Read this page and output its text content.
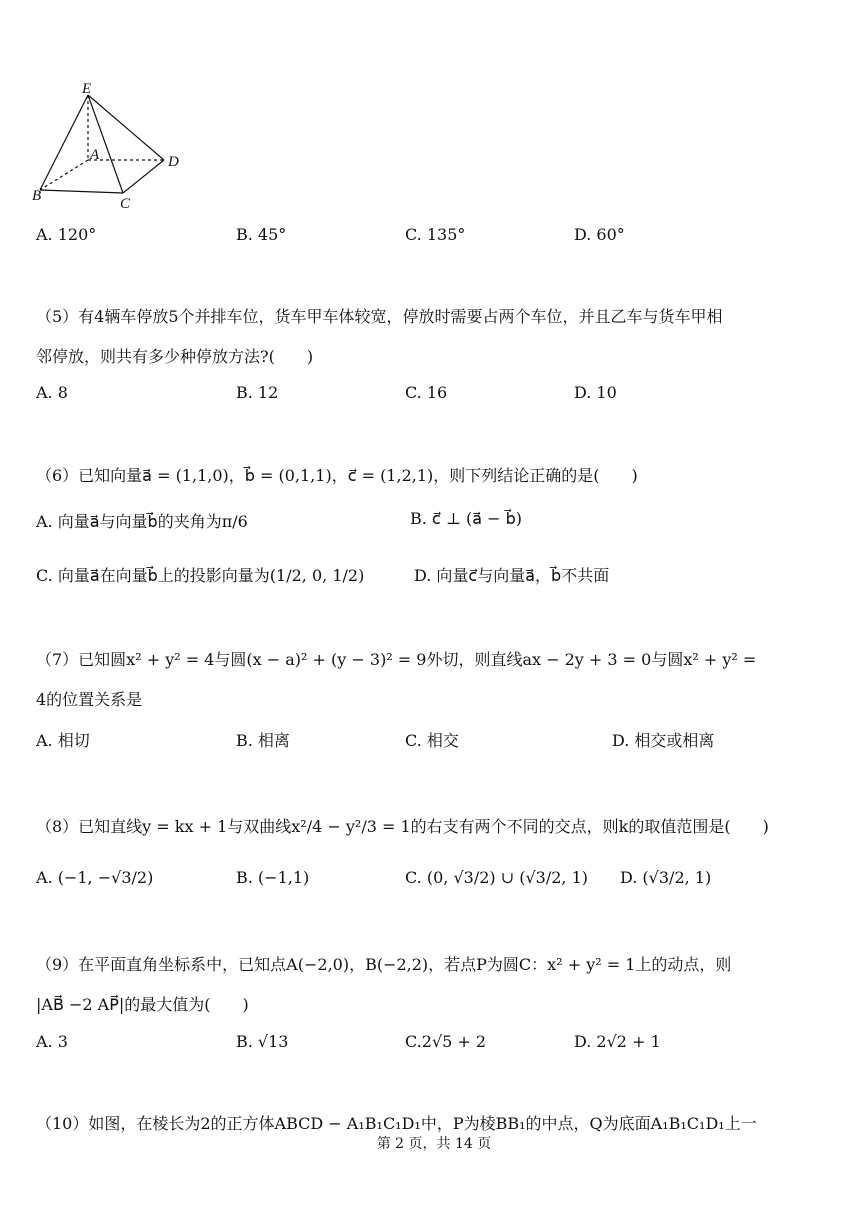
E
A	D
B	C
A. 120°	B. 45°	C. 135°	D. 60°
（5）有4辆车停放5个并排车位，货车甲车体较宽，停放时需要占两个车位，并且乙车与货车甲相
邻停放，则共有多少种停放方法?(　　)
A. 8	B. 12	C. 16	D. 10
（6）已知向量a⃗ = (1,1,0)，b⃗ = (0,1,1)，c⃗ = (1,2,1)，则下列结论正确的是(　　)
A. 向量a⃗与向量b⃗的夹角为π/6	B. c⃗ ⊥ (a⃗ − b⃗)
C. 向量a⃗在向量b⃗上的投影向量为(1/2, 0, 1/2)	D. 向量c⃗与向量a⃗，b⃗不共面
（7）已知圆x² + y² = 4与圆(x − a)² + (y − 3)² = 9外切，则直线ax − 2y + 3 = 0与圆x² + y² =
4的位置关系是
A. 相切	B. 相离	C. 相交	D. 相交或相离
（8）已知直线y = kx + 1与双曲线x²/4 − y²/3 = 1的右支有两个不同的交点，则k的取值范围是(　　)
A. (−1, −√3/2)	B. (−1,1)	C. (0, √3/2) ∪ (√3/2, 1) D. (√3/2, 1)
（9）在平面直角坐标系中，已知点A(−2,0)，B(−2,2)，若点P为圆C：x² + y² = 1上的动点，则
|AB⃗ −2 AP⃗|的最大值为(　　)
A. 3	B. √13	C.2√5 + 2	D. 2√2 + 1
（10）如图，在棱长为2的正方体ABCD − A₁B₁C₁D₁中，P为棱BB₁的中点，Q为底面A₁B₁C₁D₁上一
第 2 页，共 14 页
